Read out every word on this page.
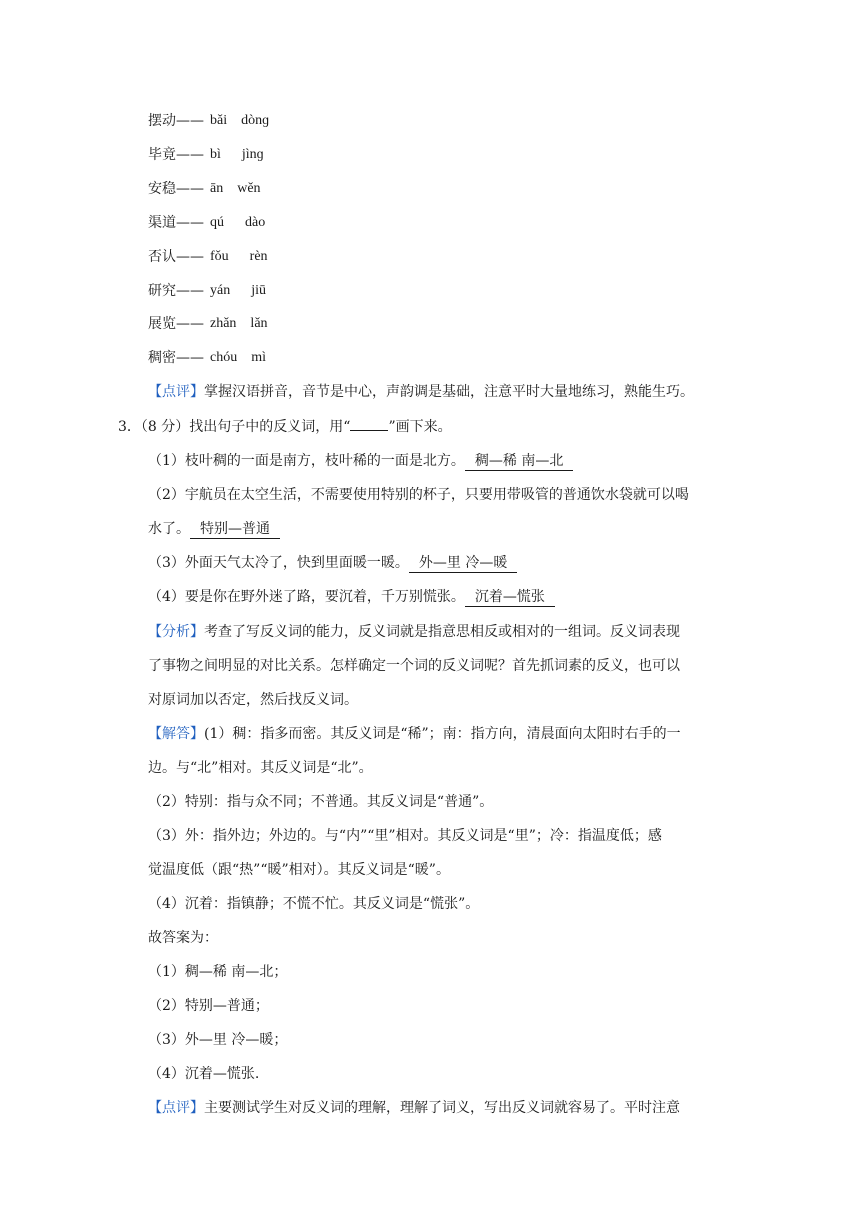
摆动—— bǎi　dònɡ
毕竟—— bì　  jìnɡ
安稳—— ān　wěn
渠道—— qú　  dào
否认—— fǒu　  rèn
研究—— yán　  jiū
展览—— zhǎn　lǎn
稠密—— chóu　mì
【点评】掌握汉语拼音，音节是中心，声韵调是基础，注意平时大量地练习，熟能生巧。
3．（8 分）找出句子中的反义词，用“	”画下来。
（1）枝叶稠的一面是南方，枝叶稀的一面是北方。 稠—稀 南—北
（2）宇航员在太空生活，不需要使用特别的杯子，只要用带吸管的普通饮水袋就可以喝
水了。 特别—普通
（3）外面天气太冷了，快到里面暖一暖。 外—里 冷—暖
（4）要是你在野外迷了路，要沉着，千万别慌张。 沉着—慌张
【分析】考查了写反义词的能力，反义词就是指意思相反或相对的一组词。反义词表现
了事物之间明显的对比关系。怎样确定一个词的反义词呢？首先抓词素的反义，也可以
对原词加以否定，然后找反义词。
【解答】(1）稠：指多而密。其反义词是“稀”；南：指方向，清晨面向太阳时右手的一
边。与“北”相对。其反义词是“北”。
（2）特别：指与众不同；不普通。其反义词是“普通”。
（3）外：指外边；外边的。与“内”“里”相对。其反义词是“里”；冷：指温度低；感
觉温度低（跟“热”“暖”相对）。其反义词是“暖”。
（4）沉着：指镇静；不慌不忙。其反义词是“慌张”。
故答案为：
（1）稠—稀 南—北；
（2）特别—普通；
（3）外—里 冷—暖；
（4）沉着—慌张.
【点评】主要测试学生对反义词的理解，理解了词义，写出反义词就容易了。平时注意
